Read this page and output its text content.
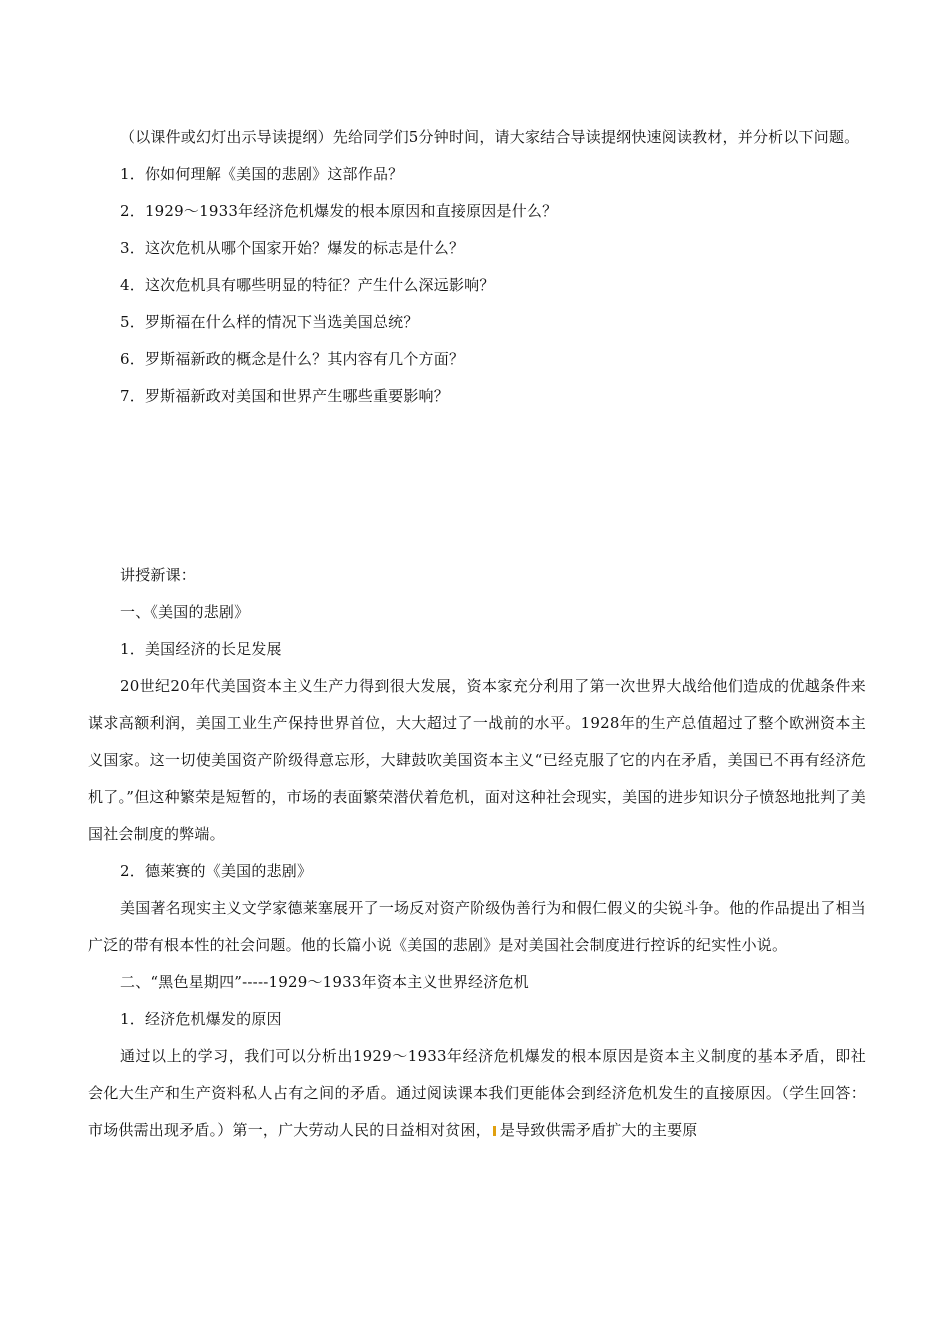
（以课件或幻灯出示导读提纲）先给同学们5分钟时间，请大家结合导读提纲快速阅读教材，并分析以下问题。

1．你如何理解《美国的悲剧》这部作品？

2．1929～1933年经济危机爆发的根本原因和直接原因是什么？

3．这次危机从哪个国家开始？爆发的标志是什么？

4．这次危机具有哪些明显的特征？产生什么深远影响？

5．罗斯福在什么样的情况下当选美国总统？

6．罗斯福新政的概念是什么？其内容有几个方面？

7．罗斯福新政对美国和世界产生哪些重要影响？

讲授新课：

一、《美国的悲剧》

1．美国经济的长足发展

20世纪20年代美国资本主义生产力得到很大发展，资本家充分利用了第一次世界大战给他们造成的优越条件来谋求高额利润，美国工业生产保持世界首位，大大超过了一战前的水平。1928年的生产总值超过了整个欧洲资本主义国家。这一切使美国资产阶级得意忘形，大肆鼓吹美国资本主义“已经克服了它的内在矛盾，美国已不再有经济危机了。”但这种繁荣是短暂的，市场的表面繁荣潜伏着危机，面对这种社会现实，美国的进步知识分子愤怒地批判了美国社会制度的弊端。

2．德莱赛的《美国的悲剧》

美国著名现实主义文学家德莱塞展开了一场反对资产阶级伪善行为和假仁假义的尖锐斗争。他的作品提出了相当广泛的带有根本性的社会问题。他的长篇小说《美国的悲剧》是对美国社会制度进行控诉的纪实性小说。

二、“黑色星期四”-----1929～1933年资本主义世界经济危机

1．经济危机爆发的原因

通过以上的学习，我们可以分析出1929～1933年经济危机爆发的根本原因是资本主义制度的基本矛盾，即社会化大生产和生产资料私人占有之间的矛盾。通过阅读课本我们更能体会到经济危机发生的直接原因。（学生回答：市场供需出现矛盾。）第一，广大劳动人民的日益相对贫困， 是导致供需矛盾扩大的主要原
